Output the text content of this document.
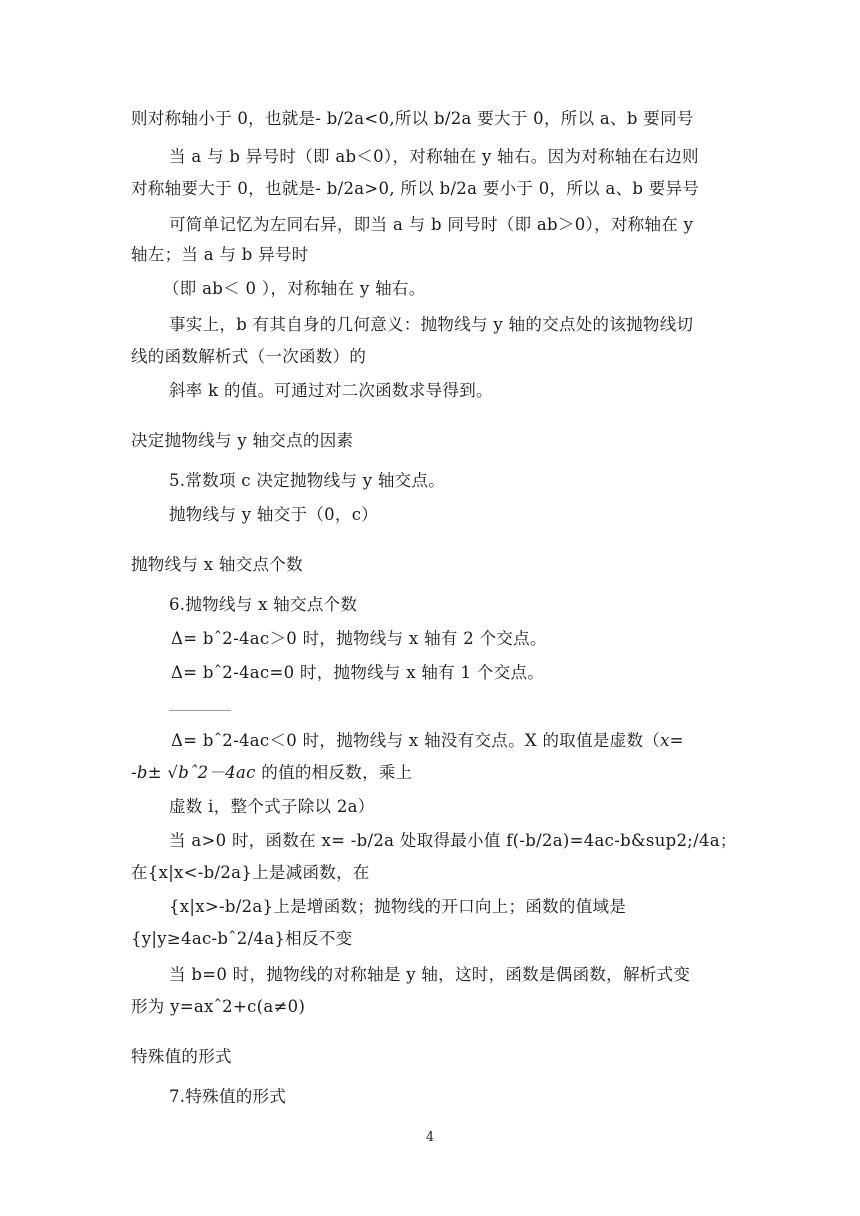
则对称轴小于 0，也就是- b/2a<0,所以 b/2a 要大于 0，所以 a、b 要同号
当 a 与 b 异号时（即 ab＜0），对称轴在 y 轴右。因为对称轴在右边则
对称轴要大于 0，也就是- b/2a>0, 所以 b/2a 要小于 0，所以 a、b 要异号
可简单记忆为左同右异，即当 a 与 b 同号时（即 ab＞0），对称轴在 y
轴左；当 a 与 b 异号时
（即 ab＜ 0 ），对称轴在 y 轴右。
事实上，b 有其自身的几何意义：抛物线与 y 轴的交点处的该抛物线切
线的函数解析式（一次函数）的
斜率 k 的值。可通过对二次函数求导得到。
决定抛物线与 y 轴交点的因素
5.常数项 c 决定抛物线与 y 轴交点。
抛物线与 y 轴交于（0，c）
抛物线与 x 轴交点个数
6.抛物线与 x 轴交点个数
Δ= bˆ2-4ac＞0 时，抛物线与 x 轴有 2 个交点。
Δ= bˆ2-4ac=0 时，抛物线与 x 轴有 1 个交点。
Δ= bˆ2-4ac＜0 时，抛物线与 x 轴没有交点。X 的取值是虚数（x=
-b± √bˆ2－4ac 的值的相反数，乘上
虚数 i，整个式子除以 2a）
当 a>0 时，函数在 x= -b/2a 处取得最小值 f(-b/2a)=4ac-b&sup2;/4a；
在{x|x<-b/2a}上是减函数，在
{x|x>-b/2a}上是增函数；抛物线的开口向上；函数的值域是
{y|y≥4ac-bˆ2/4a}相反不变
当 b=0 时，抛物线的对称轴是 y 轴，这时，函数是偶函数，解析式变
形为 y=axˆ2+c(a≠0)
特殊值的形式
7.特殊值的形式
4
